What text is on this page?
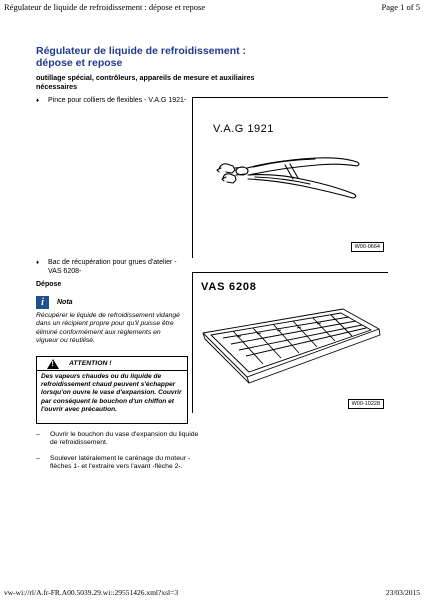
Régulateur de liquide de refroidissement : dépose et repose	Page 1 of 5
Régulateur de liquide de refroidissement : dépose et repose
outillage spécial, contrôleurs, appareils de mesure et auxiliaires nécessaires
♦	Pince pour colliers de flexibles - V.A.G 1921-
V.A.G 1921
W00-0664
♦	Bac de récupération pour grues d'atelier - VAS 6208-
VAS 6208
W00-10228
Dépose
i	Nota
Récupérer le liquide de refroidissement vidangé dans un récipient propre pour qu'il puisse être éliminé conformément aux règlements en vigueur ou réutilisé.
!
ATTENTION !
Des vapeurs chaudes ou du liquide de refroidissement chaud peuvent s'échapper lorsqu'on ouvre le vase d'expansion. Couvrir par conséquent le bouchon d'un chiffon et l'ouvrir avec précaution.
–	Ouvrir le bouchon du vase d'expansion du liquide de refroidissement.
–	Soulever latéralement le carénage du moteur -flèches 1- et l'extraire vers l'avant -flèche 2-.
vw-wi://rl/A.fr-FR.A00.5039.29.wi::29551426.xml?xsl=3	23/03/2015
